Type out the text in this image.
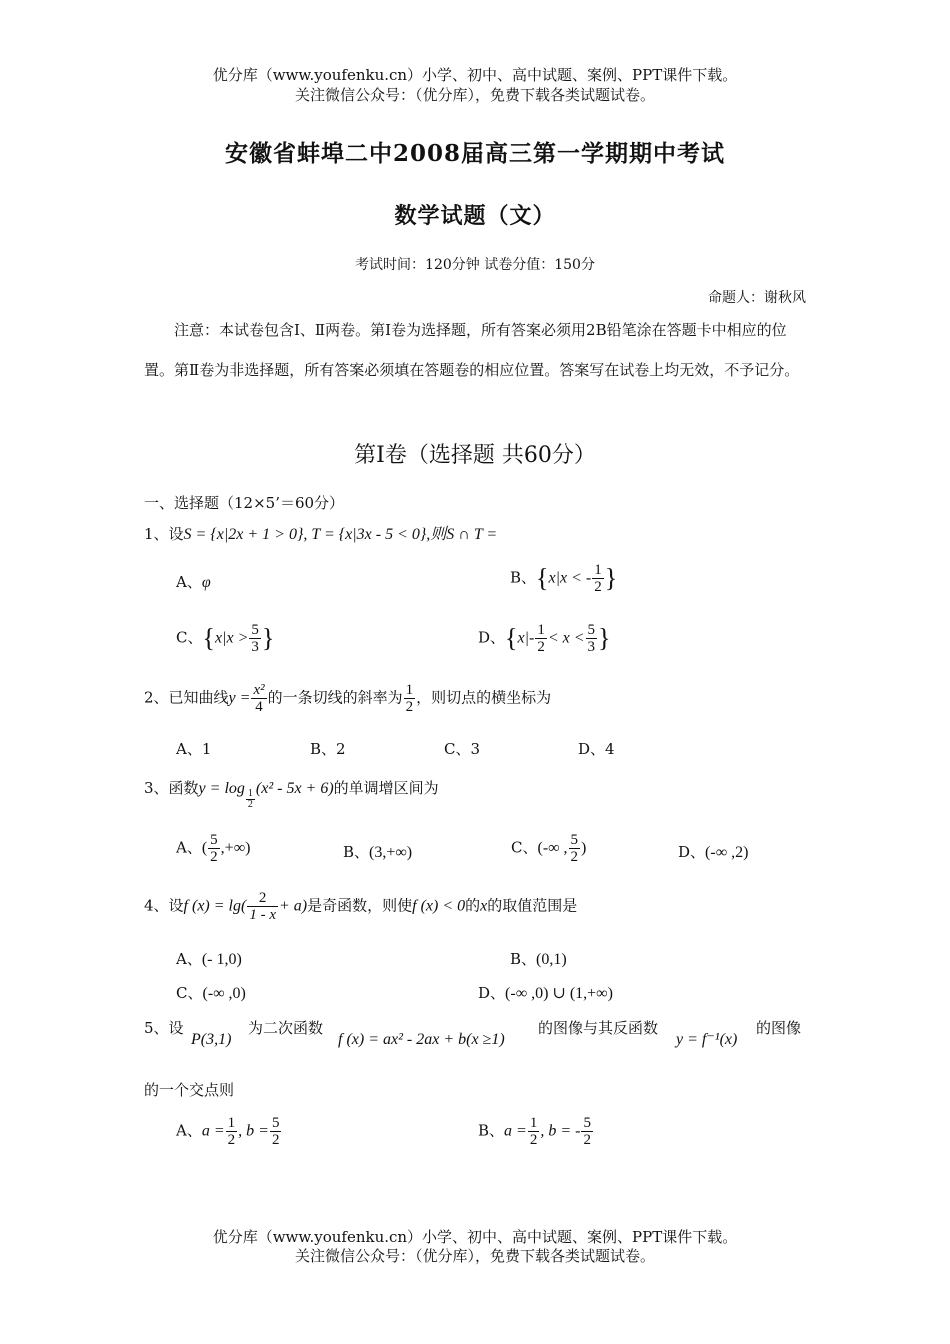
优分库（www.youfenku.cn）小学、初中、高中试题、案例、PPT课件下载。
关注微信公众号：（优分库），免费下载各类试题试卷。
安徽省蚌埠二中2008届高三第一学期期中考试
数学试题（文）
考试时间：120分钟 试卷分值：150分
命题人：谢秋风
注意：本试卷包含Ⅰ、Ⅱ两卷。第Ⅰ卷为选择题，所有答案必须用2B铅笔涂在答题卡中相应的位置。第Ⅱ卷为非选择题，所有答案必须填在答题卷的相应位置。答案写在试卷上均无效，不予记分。
第Ⅰ卷（选择题 共60分）
一、选择题（12×5’＝60分）
1、设S = {x|2x + 1 > 0}, T = {x|3x - 5 < 0},则S ∩ T =
A、φ	B、{x|x < - $\frac{1}{2}$ }
C、{$x|x > \frac{5}{3}$ }	D、{$x|- \frac{1}{2} < x < \frac{5}{3}$ }
2、已知曲线$y = \frac{\text{x²}}{4}$ 的一条切线的斜率为 $\frac{1}{2}$ ，则切点的横坐标为
A、1	B、2	C、3	D、4
3、函数y = log
$\frac{1}{2}$
(x² - 5x + 6)的单调增区间为
A、( $\frac{5}{2}$ ,+∞)	B、(3,+∞)	C、(-∞ , $\frac{5}{2}$ )	D、(-∞ ,2)
4、设f $(x) = \lg( \frac{2}{1 - x} + a)$是奇函数，则使f (x) < 0的x的取值范围是
A、(- 1,0)	B、(0,1)
C、(-∞ ,0)	D、(-∞ ,0) ∪ (1,+∞)
5、设
P(3,1)
为二次函数
f (x) = ax² - 2ax + b(x ≥1)
的图像与其反函数
y = f⁻¹(x)
的图像
的一个交点则
A、$a = \frac{1}{2}$ , $b = \frac{5}{2}$	B、$a = \frac{1}{2}$ , b = - $\frac{5}{2}$
优分库（www.youfenku.cn）小学、初中、高中试题、案例、PPT课件下载。
关注微信公众号：（优分库），免费下载各类试题试卷。
